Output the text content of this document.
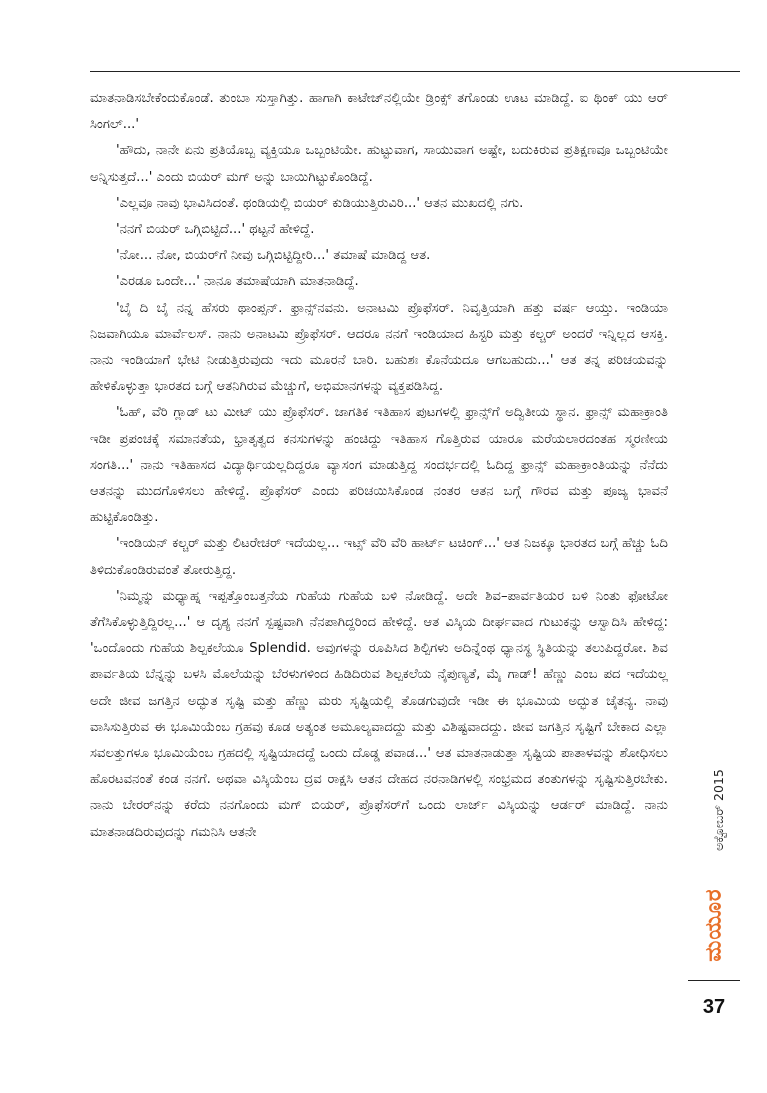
ಮಾತನಾಡಿಸಬೇಕೆಂದುಕೊಂಡೆ. ತುಂಬಾ ಸುಸ್ತಾಗಿತ್ತು. ಹಾಗಾಗಿ ಕಾಟೇಜ್‌ನಲ್ಲಿಯೇ ಡ್ರಿಂಕ್ಸ್ ತಗೊಂಡು ಊಟ ಮಾಡಿದ್ದೆ. ಐ ಥಿಂಕ್ ಯು ಆರ್ ಸಿಂಗಲ್...'

'ಹೌದು, ನಾನೇ ಏನು ಪ್ರತಿಯೊಬ್ಬ ವ್ಯಕ್ತಿಯೂ ಒಬ್ಬಂಟಿಯೇ. ಹುಟ್ಟುವಾಗ, ಸಾಯುವಾಗ ಅಷ್ಟೇ, ಬದುಕಿರುವ ಪ್ರತಿಕ್ಷಣವೂ ಒಬ್ಬಂಟಿಯೇ ಅನ್ನಿಸುತ್ತದೆ...' ಎಂದು ಬಿಯರ್ ಮಗ್ ಅನ್ನು ಬಾಯಿಗಿಟ್ಟುಕೊಂಡಿದ್ದೆ.

'ಎಲ್ಲವೂ ನಾವು ಭಾವಿಸಿದಂತೆ. ಥಂಡಿಯಲ್ಲಿ ಬಿಯರ್ ಕುಡಿಯುತ್ತಿರುವಿರಿ...' ಆತನ ಮುಖದಲ್ಲಿ ನಗು.

'ನನಗೆ ಬಿಯರ್ ಒಗ್ಗಿಬಿಟ್ಟಿದೆ...' ಥಟ್ಟನೆ ಹೇಳಿದ್ದೆ.

'ನೋ... ನೋ, ಬಿಯರ್‌ಗೆ ನೀವು ಒಗ್ಗಿಬಿಟ್ಟಿದ್ದೀರಿ...' ತಮಾಷೆ ಮಾಡಿದ್ದ ಆತ.

'ಎರಡೂ ಒಂದೇ...' ನಾನೂ ತಮಾಷೆಯಾಗಿ ಮಾತನಾಡಿದ್ದೆ.

'ಬೈ ದಿ ಬೈ ನನ್ನ ಹೆಸರು ಥಾಂಪ್ಸನ್. ಫ್ರಾನ್ಸ್‌ನವನು. ಅನಾಟಮಿ ಪ್ರೊಫೆಸರ್. ನಿವೃತ್ತಿಯಾಗಿ ಹತ್ತು ವರ್ಷ ಆಯ್ತು. ಇಂಡಿಯಾ ನಿಜವಾಗಿಯೂ ಮಾರ್ವೆಲಸ್. ನಾನು ಅನಾಟಮಿ ಪ್ರೊಫೆಸರ್. ಆದರೂ ನನಗೆ ಇಂಡಿಯಾದ ಹಿಸ್ಟರಿ ಮತ್ತು ಕಲ್ಚರ್ ಅಂದರೆ ಇನ್ನಿಲ್ಲದ ಆಸಕ್ತಿ. ನಾನು ಇಂಡಿಯಾಗೆ ಭೇಟಿ ನೀಡುತ್ತಿರುವುದು ಇದು ಮೂರನೆ ಬಾರಿ. ಬಹುಶಃ ಕೊನೆಯದೂ ಆಗಬಹುದು...' ಆತ ತನ್ನ ಪರಿಚಯವನ್ನು ಹೇಳಿಕೊಳ್ಳುತ್ತಾ ಭಾರತದ ಬಗ್ಗೆ ಆತನಿಗಿರುವ ಮೆಚ್ಚುಗೆ, ಅಭಿಮಾನಗಳನ್ನು ವ್ಯಕ್ತಪಡಿಸಿದ್ದ.

'ಓಹ್, ವೆರಿ ಗ್ಲಾಡ್ ಟು ಮೀಟ್ ಯು ಪ್ರೊಫೆಸರ್. ಜಾಗತಿಕ ಇತಿಹಾಸ ಪುಟಗಳಲ್ಲಿ ಫ್ರಾನ್ಸ್‌ಗೆ ಅದ್ವಿತೀಯ ಸ್ಥಾನ. ಫ್ರಾನ್ಸ್ ಮಹಾಕ್ರಾಂತಿ ಇಡೀ ಪ್ರಪಂಚಕ್ಕೆ ಸಮಾನತೆಯ, ಭ್ರಾತೃತ್ವದ ಕನಸುಗಳನ್ನು ಹಂಚಿದ್ದು ಇತಿಹಾಸ ಗೊತ್ತಿರುವ ಯಾರೂ ಮರೆಯಲಾರದಂತಹ ಸ್ಮರಣೀಯ ಸಂಗತಿ...' ನಾನು ಇತಿಹಾಸದ ವಿದ್ಯಾರ್ಥಿಯಲ್ಲದಿದ್ದರೂ ವ್ಯಾಸಂಗ ಮಾಡುತ್ತಿದ್ದ ಸಂದರ್ಭದಲ್ಲಿ ಓದಿದ್ದ ಫ್ರಾನ್ಸ್ ಮಹಾಕ್ರಾಂತಿಯನ್ನು ನೆನೆದು ಆತನನ್ನು ಮುದಗೊಳಿಸಲು ಹೇಳಿದ್ದೆ. ಪ್ರೊಫೆಸರ್ ಎಂದು ಪರಿಚಯಿಸಿಕೊಂಡ ನಂತರ ಆತನ ಬಗ್ಗೆ ಗೌರವ ಮತ್ತು ಪೂಜ್ಯ ಭಾವನೆ ಹುಟ್ಟಿಕೊಂಡಿತ್ತು.

'ಇಂಡಿಯನ್ ಕಲ್ಚರ್ ಮತ್ತು ಲಿಟರೇಚರ್ ಇದೆಯಲ್ಲ... ಇಟ್ಸ್ ವೆರಿ ವೆರಿ ಹಾರ್ಟ್ ಟಚಿಂಗ್...' ಆತ ನಿಜಕ್ಕೂ ಭಾರತದ ಬಗ್ಗೆ ಹೆಚ್ಚು ಓದಿ ತಿಳಿದುಕೊಂಡಿರುವಂತೆ ತೋರುತ್ತಿದ್ದ.

'ನಿಮ್ಮನ್ನು ಮಧ್ಯಾಹ್ನ ಇಪ್ಪತ್ತೊಂಬತ್ತನೆಯ ಗುಹೆಯ ಗುಹೆಯ ಬಳಿ ನೋಡಿದ್ದೆ. ಅದೇ ಶಿವ–ಪಾರ್ವತಿಯರ ಬಳಿ ನಿಂತು ಫೋಟೋ ತೆಗೆಸಿಕೊಳ್ಳುತ್ತಿದ್ದಿರಲ್ಲ...' ಆ ದೃಶ್ಯ ನನಗೆ ಸ್ಪಷ್ಟವಾಗಿ ನೆನಪಾಗಿದ್ದರಿಂದ ಹೇಳಿದ್ದೆ. ಆತ ವಿಸ್ಕಿಯ ದೀರ್ಘವಾದ ಗುಟುಕನ್ನು ಆಸ್ವಾದಿಸಿ ಹೇಳಿದ್ದ: 'ಒಂದೊಂದು ಗುಹೆಯ ಶಿಲ್ಪಕಲೆಯೂ Splendid. ಅವುಗಳನ್ನು ರೂಪಿಸಿದ ಶಿಲ್ಪಿಗಳು ಅದಿನ್ನೆಂಥ ಧ್ಯಾನಸ್ಥ ಸ್ಥಿತಿಯನ್ನು ತಲುಪಿದ್ದರೋ. ಶಿವ ಪಾರ್ವತಿಯ ಬೆನ್ನನ್ನು ಬಳಸಿ ಮೊಲೆಯನ್ನು ಬೆರಳುಗಳಿಂದ ಹಿಡಿದಿರುವ ಶಿಲ್ಪಕಲೆಯ ನೈಪುಣ್ಯತೆ, ಮೈ ಗಾಡ್! ಹೆಣ್ಣು ಎಂಬ ಪದ ಇದೆಯಲ್ಲ ಅದೇ ಜೀವ ಜಗತ್ತಿನ ಅದ್ಭುತ ಸೃಷ್ಟಿ ಮತ್ತು ಹೆಣ್ಣು ಮರು ಸೃಷ್ಟಿಯಲ್ಲಿ ತೊಡಗುವುದೇ ಇಡೀ ಈ ಭೂಮಿಯ ಅದ್ಭುತ ಚೈತನ್ಯ. ನಾವು ವಾಸಿಸುತ್ತಿರುವ ಈ ಭೂಮಿಯೆಂಬ ಗ್ರಹವು ಕೂಡ ಅತ್ಯಂತ ಅಮೂಲ್ಯವಾದದ್ದು ಮತ್ತು ವಿಶಿಷ್ಟವಾದದ್ದು. ಜೀವ ಜಗತ್ತಿನ ಸೃಷ್ಟಿಗೆ ಬೇಕಾದ ಎಲ್ಲಾ ಸವಲತ್ತುಗಳೂ ಭೂಮಿಯೆಂಬ ಗ್ರಹದಲ್ಲಿ ಸೃಷ್ಟಿಯಾದದ್ದೆ ಒಂದು ದೊಡ್ಡ ಪವಾಡ...' ಆತ ಮಾತನಾಡುತ್ತಾ ಸೃಷ್ಟಿಯ ಪಾತಾಳವನ್ನು ಶೋಧಿಸಲು ಹೊರಟವನಂತೆ ಕಂಡ ನನಗೆ. ಅಥವಾ ವಿಸ್ಕಿಯೆಂಬ ದ್ರವ ರಾಕ್ಷಸಿ ಆತನ ದೇಹದ ನರನಾಡಿಗಳಲ್ಲಿ ಸಂಭ್ರಮದ ತಂತುಗಳನ್ನು ಸೃಷ್ಟಿಸುತ್ತಿರಬೇಕು. ನಾನು ಬೇರರ್‌ನನ್ನು ಕರೆದು ನನಗೊಂದು ಮಗ್ ಬಿಯರ್, ಪ್ರೊಫೆಸರ್‌ಗೆ ಒಂದು ಲಾರ್ಜ್ ವಿಸ್ಕಿಯನ್ನು ಆರ್ಡರ್ ಮಾಡಿದ್ದೆ. ನಾನು ಮಾತನಾಡದಿರುವುದನ್ನು ಗಮನಿಸಿ ಆತನೇ	ಅಕ್ಟೋಬರ್ 2015
ಮಯೂರ
37
